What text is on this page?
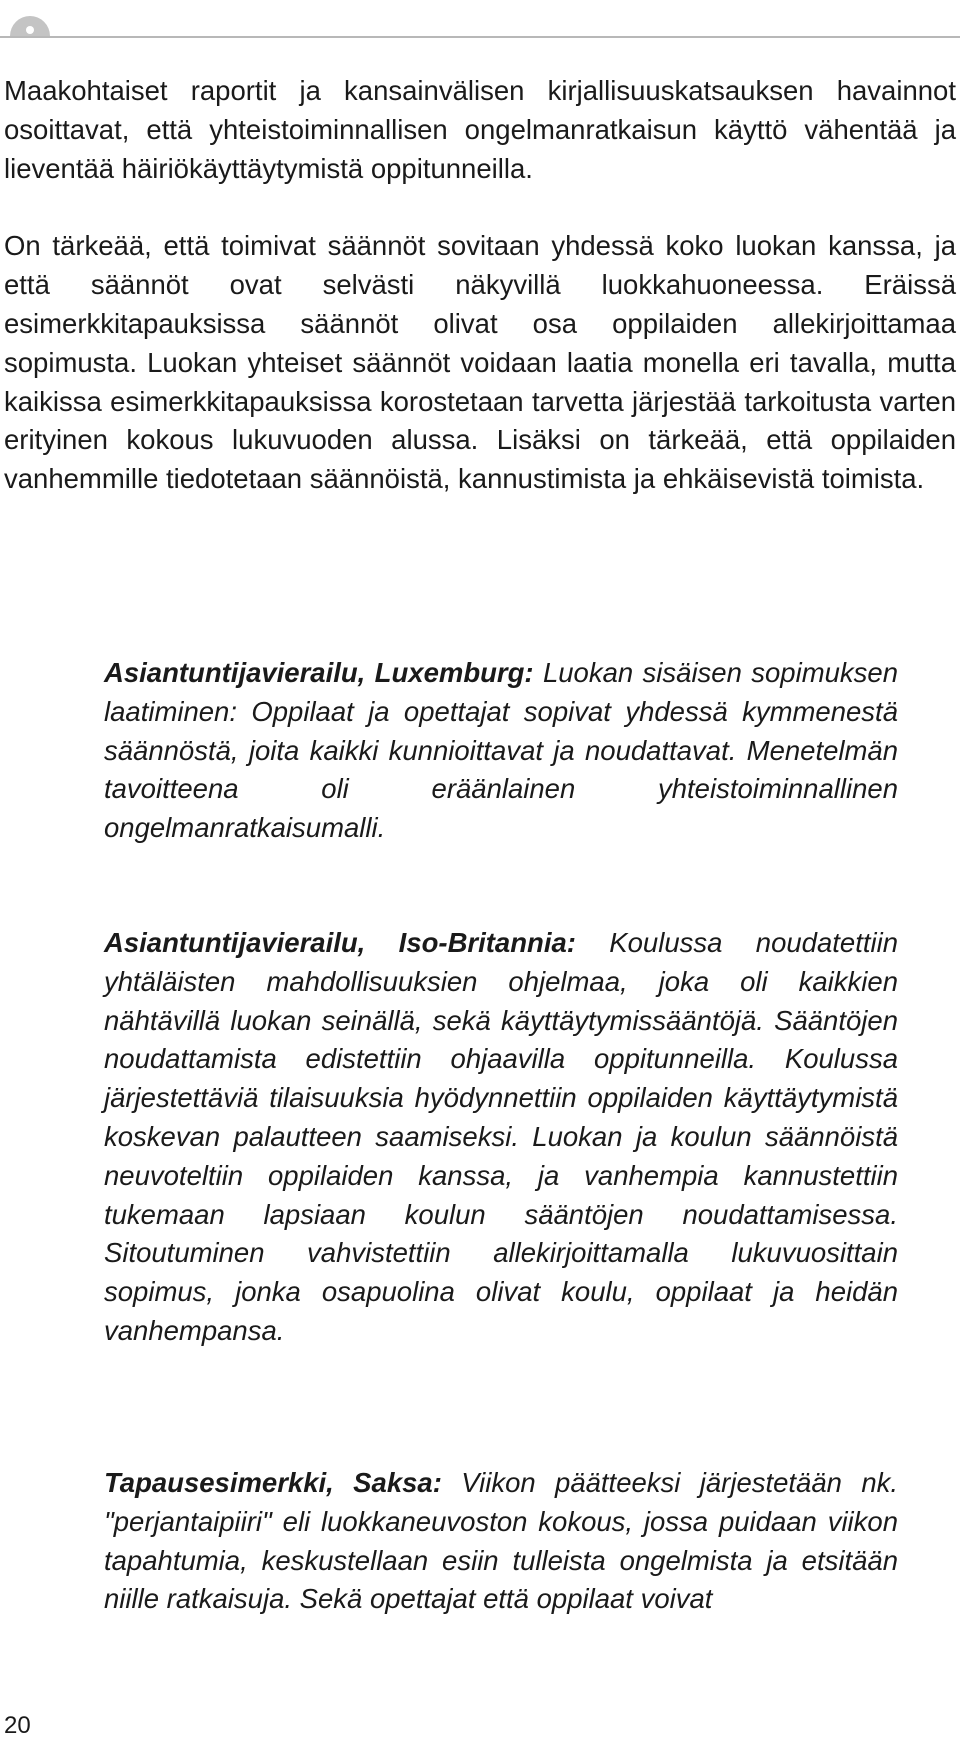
Maakohtaiset raportit ja kansainvälisen kirjallisuuskatsauksen havainnot osoittavat, että yhteistoiminnallisen ongelmanratkaisun käyttö vähentää ja lieventää häiriökäyttäytymistä oppitunneilla.

On tärkeää, että toimivat säännöt sovitaan yhdessä koko luokan kanssa, ja että säännöt ovat selvästi näkyvillä luokkahuoneessa. Eräissä esimerkkitapauksissa säännöt olivat osa oppilaiden allekirjoittamaa sopimusta. Luokan yhteiset säännöt voidaan laatia monella eri tavalla, mutta kaikissa esimerkkitapauksissa korostetaan tarvetta järjestää tarkoitusta varten erityinen kokous lukuvuoden alussa. Lisäksi on tärkeää, että oppilaiden vanhemmille tiedotetaan säännöistä, kannustimista ja ehkäisevistä toimista.

Asiantuntijavierailu, Luxemburg: Luokan sisäisen sopimuksen laatiminen: Oppilaat ja opettajat sopivat yhdessä kymmenestä säännöstä, joita kaikki kunnioittavat ja noudattavat. Menetelmän tavoitteena oli eräänlainen yhteistoiminnallinen ongelmanratkaisumalli.

Asiantuntijavierailu, Iso-Britannia: Koulussa noudatettiin yhtäläisten mahdollisuuksien ohjelmaa, joka oli kaikkien nähtävillä luokan seinällä, sekä käyttäytymissääntöjä. Sääntöjen noudattamista edistettiin ohjaavilla oppitunneilla. Koulussa järjestettäviä tilaisuuksia hyödynnettiin oppilaiden käyttäytymistä koskevan palautteen saamiseksi. Luokan ja koulun säännöistä neuvoteltiin oppilaiden kanssa, ja vanhempia kannustettiin tukemaan lapsiaan koulun sääntöjen noudattamisessa. Sitoutuminen vahvistettiin allekirjoittamalla lukuvuosittain sopimus, jonka osapuolina olivat koulu, oppilaat ja heidän vanhempansa.

Tapausesimerkki, Saksa: Viikon päätteeksi järjestetään nk. "perjantaipiiri" eli luokkaneuvoston kokous, jossa puidaan viikon tapahtumia, keskustellaan esiin tulleista ongelmista ja etsitään niille ratkaisuja. Sekä opettajat että oppilaat voivat

20
